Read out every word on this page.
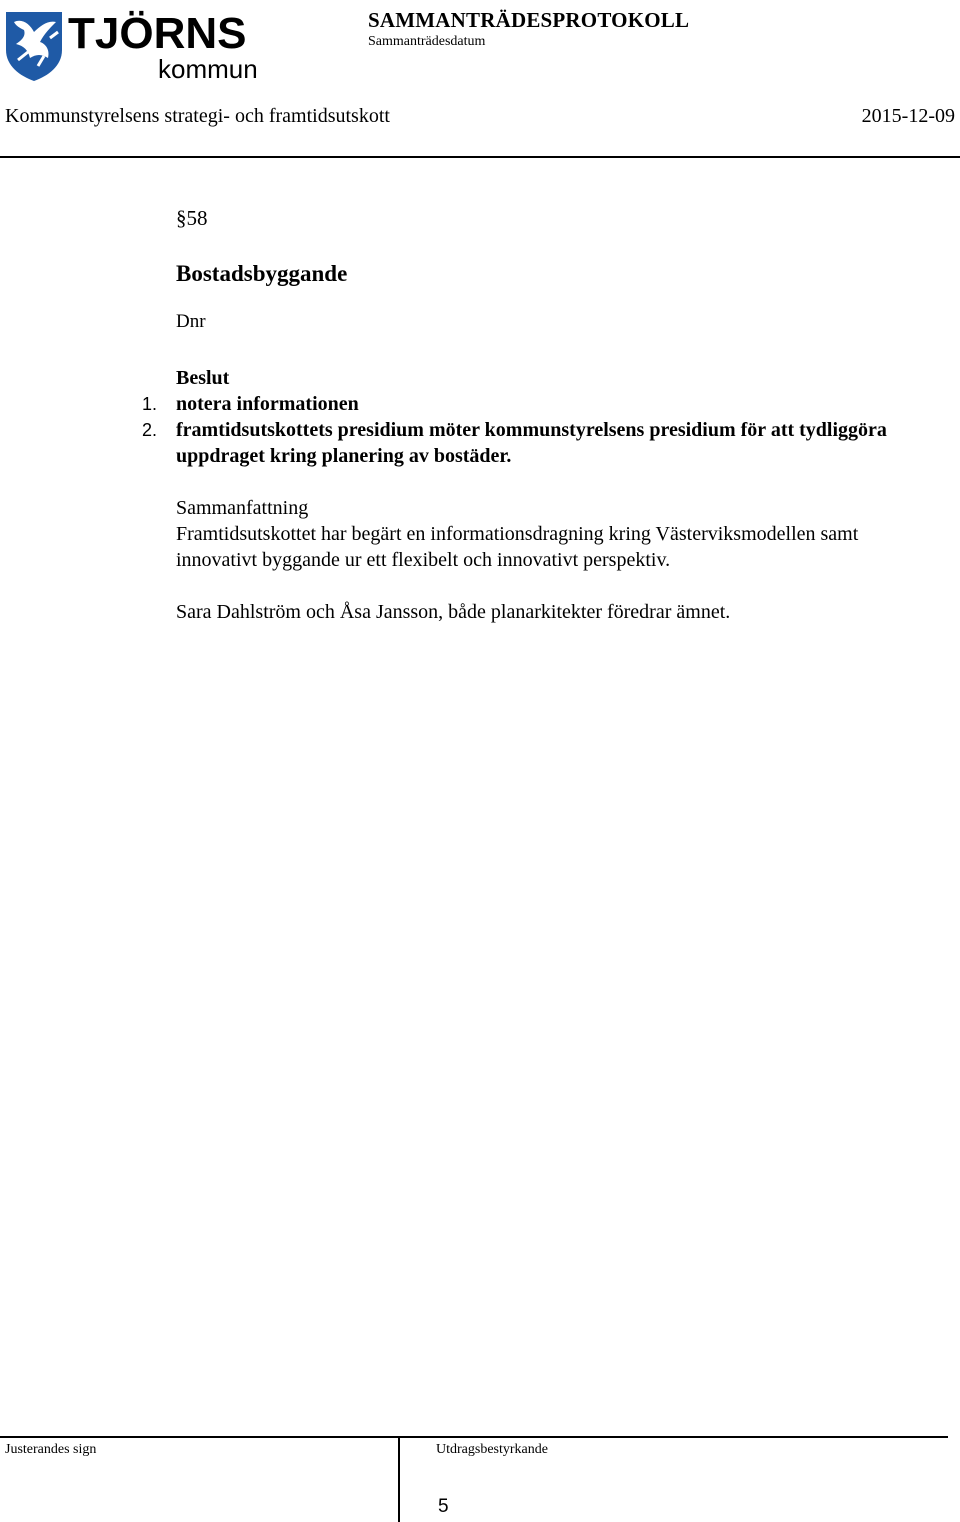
TJÖRNS
kommun
SAMMANTRÄDESPROTOKOLL
Sammanträdesdatum
Kommunstyrelsens strategi- och framtidsutskott	2015-12-09

§58

Bostadsbyggande

Dnr

Beslut

1. notera informationen
2. framtidsutskottets presidium möter kommunstyrelsens presidium för att tydliggöra uppdraget kring planering av bostäder.

Sammanfattning

Framtidsutskottet har begärt en informationsdragning kring Västerviksmodellen samt innovativt byggande ur ett flexibelt och innovativt perspektiv.

Sara Dahlström och Åsa Jansson, både planarkitekter föredrar ämnet.

Justerandes sign	Utdragsbestyrkande
5
